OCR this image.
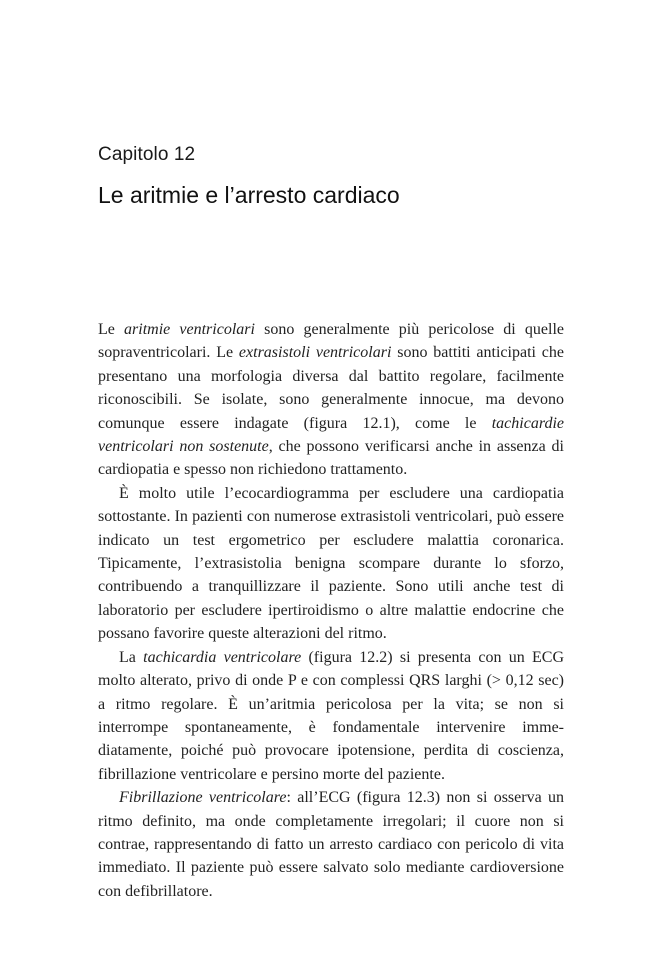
Capitolo 12
Le aritmie e l’arresto cardiaco

Le aritmie ventricolari sono generalmente più pericolose di quelle sopraventricolari. Le extrasistoli ventricolari sono battiti anticipati che presentano una morfologia diversa dal battito regolare, facilmente riconoscibili. Se isolate, sono generalmente innocue, ma devono comunque essere indagate (figura 12.1), come le tachicardie ventricolari non sostenute, che possono verificarsi anche in assenza di cardiopatia e spesso non richiedono trattamento.

È molto utile l’ecocardiogramma per escludere una cardiopatia sottostante. In pazienti con numerose extrasistoli ventricolari, può essere indicato un test ergometrico per escludere malattia coronarica. Tipicamente, l’extrasistolia benigna scompare durante lo sforzo, contribuendo a tranquillizzare il paziente. Sono utili anche test di laboratorio per escludere ipertiroidismo o altre malattie endocrine che possano favorire queste alterazioni del ritmo.

La tachicardia ventricolare (figura 12.2) si presenta con un ECG molto alterato, privo di onde P e con complessi QRS larghi (> 0,12 sec) a ritmo regolare. È un’aritmia pericolosa per la vita; se non si interrompe spontaneamente, è fondamentale intervenire immediatamente, poiché può provocare ipotensione, perdita di coscienza, fibrillazione ventricolare e persino morte del paziente.

Fibrillazione ventricolare: all’ECG (figura 12.3) non si osserva un ritmo definito, ma onde completamente irregolari; il cuore non si contrae, rappresentando di fatto un arresto cardiaco con pericolo di vita immediato. Il paziente può essere salvato solo mediante cardioversione con defibrillatore.
